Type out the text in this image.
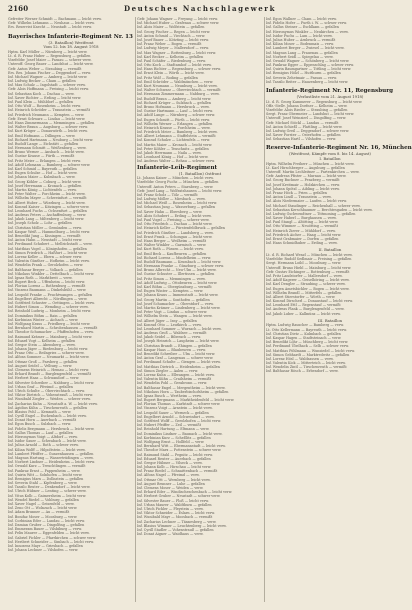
2160	Deutsches Nachschlagewerk
Gefreiter Werner Schmidt — Bachmann — leicht verw.
Gefr. Wilhelm Lehmann — Neuhaus — leicht verw.
Ers. Reservist Knecht — Neustadt — leicht verw.
Bayerisches Infanterie-Regiment Nr. 13
(3. Bataillon) Westfront
Vom 12. bis 18. August 1918
Hptm. Karl Müller — Nürnberg — leicht verw.
Lt. d. R. Franz Huber — Regensburg — gefallen
Vizefeldw. Josef Maier — Passau — schwer verw.
Unteroff. Georg Bauer — Landshut — leicht verw.
Gefr. Anton Weber — Straubing — vermißt
Ers. Res. Johann Fischer — Deggendorf — verw.
Inf. Michael Wagner — Amberg — leicht verw.
Inf. Ludwig Becker — Cham — gefallen
Inf. Max Schulz — Ingolstadt — schwer verw.
Gefr. Alois Hoffmann — Freising — leicht verw.
Inf. Sebastian Koch — Dachau — verw.
Inf. Xaver Richter — Erding — leicht verw.
Inf. Paul Klein — Mühldorf — gefallen
Inf. Otto Wolf — Rosenheim — leicht verw.
Inf. Heinrich Schröder — Traunstein — vermißt
Inf. Friedrich Neumann — Kempten — verw.
Gefr. Ernst Schwarz — Lindau — leicht verw.
Inf. Hans Zimmermann — Memmingen — gefallen
Inf. Walter Braun — Augsburg — schwer verw.
Inf. Kurt Krüger — Donauwörth — leicht verw.
Inf. Emil Hofmann — Dillingen — verw.
Inf. Richard Hartmann — Neuburg — leicht verw.
Inf. Rudolf Lange — Eichstätt — gefallen
Inf. Hermann Schmitt — Weißenburg — verw.
Inf. Bruno Werner — Ansbach — leicht verw.
Inf. Gustav Krause — Fürth — vermißt
Inf. Fritz Meier — Erlangen — leicht verw.
Inf. Adolf Lehmann — Bamberg — schwer verw.
Inf. Karl Schmid — Bayreuth — gefallen
Inf. Eugen Schulze — Hof — leicht verw.
Inf. Johann Maier — Kulmbach — verw.
Inf. Georg Köhler — Coburg — leicht verw.
Inf. Josef Herrmann — Kronach — gefallen
Inf. Martin König — Lichtenfels — verw.
Inf. Peter Walter — Forchheim — leicht verw.
Inf. Wilhelm Mayer — Schweinfurt — vermißt
Inf. Albert Huber — Würzburg — leicht verw.
Inf. Konrad Kaiser — Kitzingen — schwer verw.
Inf. Leonhard Fuchs — Ochsenfurt — gefallen
Inf. Andreas Peters — Aschaffenburg — verw.
Inf. Jakob Lang — Miltenberg — leicht verw.
Inf. Joseph Scholz — Lohr — gefallen
Inf. Christian Möller — Gemünden — verw.
Inf. Kaspar Weiß — Hammelburg — leicht verw.
Inf. Benedikt Jung — Kissingen — vermißt
Inf. Anton Hahn — Neustadt — leicht verw.
Inf. Ferdinand Schubert — Mellrichstadt — verw.
Inf. Matthias Vogel — Königshofen — gefallen
Inf. Simon Friedrich — Haßfurt — leicht verw.
Inf. Lorenz Keller — Ebern — schwer verw.
Inf. Valentin Günther — Hofheim — leicht verw.
Inf. Wendelin Frank — Gerolzhofen — verw.
Inf. Balthasar Berger — Volkach — gefallen
Inf. Nikolaus Winkler — Dettelbach — leicht verw.
Inf. Ignaz Roth — Marktbreit — verw.
Inf. Rupert Beck — Uffenheim — leicht verw.
Inf. Florian Lorenz — Rothenburg — vermißt
Inf. Vinzenz Baumann — Dinkelsbühl — verw.
Inf. Leopold Franke — Feuchtwangen — gefallen
Inf. Engelbert Albrecht — Nördlingen — verw.
Inf. Gottfried Schuster — Oettingen — leicht verw.
Inf. Hubert Simon — Wemding — schwer verw.
Inf. Reinhold Ludwig — Monheim — leicht verw.
Inf. Dominikus Böhm — Rain — gefallen
Inf. Korbinian Winter — Aichach — verw.
Inf. Wolfgang Kraus — Friedberg — leicht verw.
Inf. Bernhard Martin — Schrobenhausen — vermißt
Inf. Theodor Schumacher — Pfaffenhofen — verw.
Inf. Raimund Krämer — Mainburg — leicht verw.
Inf. Eduard Vogt — Kelheim — gefallen
Inf. Gregor Stein — Abensberg — verw.
Inf. Johann Jäger — Riedenburg — leicht verw.
Inf. Franz Otto — Beilngries — schwer verw.
Inf. Alfons Sommer — Neumarkt — leicht verw.
Inf. Ottmar Groß — Parsberg — gefallen
Inf. August Seidel — Velburg — verw.
Inf. Clemens Heinrich — Hemau — leicht verw.
Inf. Erhard Brandt — Burglengenfeld — vermißt
Inf. Herbert Haas — Schwandorf — verw.
Inf. Silvester Schreiber — Nabburg — leicht verw.
Inf. Urban Graf — Pfreimd — gefallen
Inf. Ulrich Schulte — Oberviechtach — verw.
Inf. Viktor Dietrich — Vohenstrauß — leicht verw.
Inf. Wunibald Ziegler — Weiden — schwer verw.
Inf. Zacharias Kuhn — Neustadt a. W. — leicht verw.
Inf. Ägidius Kühn — Tirschenreuth — gefallen
Inf. Blasius Pohl — Kemnath — verw.
Inf. Cyrill Engel — Eschenbach — leicht verw.
Inf. Donat Horn — Auerbach — vermißt
Inf. Egon Busch — Sulzbach — verw.
Inf. Fidelis Bergmann — Hersbruck — leicht verw.
Inf. Gallus Thomas — Lauf — gefallen
Inf. Hieronymus Voigt — Altdorf — verw.
Inf. Isidor Sauer — Schwabach — leicht verw.
Inf. Julius Arnold — Roth — schwer verw.
Inf. Kilian Wolff — Hilpoltstein — leicht verw.
Inf. Lambert Pfeiffer — Gunzenhausen — gefallen
Inf. Magnus Hartung — Wassertrüdingen — verw.
Inf. Norbert Lindner — Heidenheim — leicht verw.
Inf. Oswald Kurz — Treuchtlingen — vermißt
Inf. Pankraz Ernst — Pappenheim — verw.
Inf. Quirin Witt — Solnhofen — leicht verw.
Inf. Remigius Marx — Dollnstein — gefallen
Inf. Severin Stahl — Kipfenberg — verw.
Inf. Tassilo Reuter — Denkendorf — leicht verw.
Inf. Ulrich Hübner — Lenting — schwer verw.
Inf. Vitus Kolb — Gaimersheim — leicht verw.
Inf. Wendel Riedel — Vohburg — gefallen
Inf. Xaver Nagel — Geisenfeld — verw.
Inf. Zeno Ott — Wolnzach — leicht verw.
Inf. Adam Brunner — Au — vermißt
Inf. Bonifaz Moser — Moosburg — verw.
Inf. Corbinian Eder — Landau — leicht verw.
Inf. Damian Gruber — Dingolfing — gefallen
Inf. Emmeram Bauer — Vilsbiburg — verw.
Inf. Felix Maurer — Eggenfelden — leicht verw.
Inf. Gabriel Pichler — Pfarrkirchen — schwer verw.
Inf. Heribert Schneider — Simbach — leicht verw.
Inf. Innozenz Mayr — Griesbach — gefallen
Inf. Johann Lechner — Vilshofen — verw.
Gefr. Johann Wagner — Freyung — leicht verw.
Inf. Michael Huber — Grafenau — schwer verw.
Inf. Alois Maier — Wolfstein — gefallen
Inf. Georg Fischer — Regen — leicht verw.
Inf. Anton Schmid — Viechtach — verw.
Inf. Josef Bauer — Kötzting — leicht verw.
Inf. Franz Weber — Bogen — vermißt
Inf. Ludwig Meyer — Mallersdorf — verw.
Inf. Max Wagner — Rottenburg — leicht verw.
Inf. Karl Becker — Kelheim — gefallen
Inf. Paul Schäfer — Riedenburg — verw.
Inf. Otto Koch — Stadtamhof — leicht verw.
Inf. Hans Richter — Regensburg — schwer verw.
Inf. Ernst Klein — Wörth — leicht verw.
Inf. Fritz Wolf — Roding — gefallen
Inf. Emil Schröder — Waldmünchen — verw.
Inf. Kurt Neumann — Neunburg — leicht verw.
Inf. Walter Schwarz — Oberviechtach — vermißt
Inf. Hermann Zimmermann — Nabburg — verw.
Inf. Rudolf Braun — Amberg — leicht verw.
Inf. Richard Krüger — Sulzbach — gefallen
Inf. Bruno Hofmann — Hersbruck — verw.
Inf. Gustav Hartmann — Lauf — leicht verw.
Inf. Adolf Lange — Nürnberg — schwer verw.
Inf. Eugen Schmitt — Fürth — leicht verw.
Inf. Wilhelm Werner — Erlangen — gefallen
Inf. Heinrich Krause — Forchheim — verw.
Inf. Friedrich Meier — Bamberg — leicht verw.
Inf. Albert Lehmann — Staffelstein — vermißt
Inf. Konrad Schulze — Lichtenfels — verw.
Inf. Martin Maier — Kronach — leicht verw.
Inf. Peter Köhler — Teuschnitz — gefallen
Inf. Jakob Herrmann — Naila — verw.
Inf. Leonhard König — Hof — leicht verw.
Inf. Andreas Walter — Rehau — schwer verw.
Infanterie-Leib-Regiment
(1. Bataillon) Ostfront
Lt. Johann Kaiser — München — leicht verw.
Vizefeldw. Georg Fuchs — München — gefallen
Unteroff. Anton Peters — Starnberg — verw.
Gefr. Josef Lang — Wolfratshausen — leicht verw.
Inf. Franz Scholz — Tölz — vermißt
Inf. Ludwig Möller — Miesbach — verw.
Inf. Michael Weiß — Rosenheim — leicht verw.
Inf. Sebastian Jung — Wasserburg — gefallen
Inf. Xaver Hahn — Ebersberg — verw.
Inf. Alois Schubert — Erding — leicht verw.
Inf. Paul Vogel — Freising — schwer verw.
Inf. Otto Friedrich — Dachau — leicht verw.
Inf. Heinrich Keller — Fürstenfeldbruck — gefallen
Inf. Friedrich Günther — Landsberg — verw.
Inf. Ernst Frank — Schongau — leicht verw.
Inf. Hans Berger — Weilheim — vermißt
Inf. Walter Winkler — Garmisch — verw.
Inf. Kurt Roth — Füssen — leicht verw.
Inf. Emil Beck — Kaufbeuren — gefallen
Inf. Richard Lorenz — Mindelheim — verw.
Inf. Rudolf Baumann — Krumbach — leicht verw.
Inf. Hermann Franke — Günzburg — schwer verw.
Inf. Bruno Albrecht — Neu-Ulm — leicht verw.
Inf. Gustav Schuster — Illertissen — gefallen
Inf. Fritz Simon — Memmingen — verw.
Inf. Adolf Ludwig — Ottobeuren — leicht verw.
Inf. Karl Böhm — Obergünzburg — vermißt
Inf. Eugen Winter — Kempten — verw.
Inf. Johann Kraus — Immenstadt — leicht verw.
Inf. Georg Martin — Sonthofen — gefallen
Inf. Josef Schumacher — Oberstdorf — verw.
Inf. Martin Krämer — Lindenberg — leicht verw.
Inf. Peter Vogt — Lindau — schwer verw.
Inf. Wilhelm Stein — Wangen — leicht verw.
Inf. Albert Jäger — Isny — gefallen
Inf. Konrad Otto — Leutkirch — verw.
Inf. Leonhard Sommer — Wurzach — leicht verw.
Inf. Andreas Groß — Waldsee — vermißt
Inf. Jakob Seidel — Biberach — verw.
Inf. Joseph Heinrich — Laupheim — leicht verw.
Inf. Christian Brandt — Ehingen — gefallen
Inf. Kaspar Haas — Blaubeuren — verw.
Inf. Benedikt Schreiber — Ulm — leicht verw.
Inf. Anton Graf — Langenau — schwer verw.
Inf. Ferdinand Schulte — Giengen — leicht verw.
Inf. Matthias Dietrich — Heidenheim — gefallen
Inf. Simon Ziegler — Aalen — verw.
Inf. Lorenz Kuhn — Ellwangen — leicht verw.
Inf. Valentin Kühn — Crailsheim — vermißt
Inf. Wendelin Pohl — Gerabronn — verw.
Inf. Balthasar Engel — Mergentheim — leicht verw.
Inf. Nikolaus Horn — Tauberbischofsheim — gefallen
Inf. Ignaz Busch — Wertheim — verw.
Inf. Rupert Bergmann — Marktheidenfeld — leicht verw.
Inf. Florian Thomas — Karlstadt — schwer verw.
Inf. Vinzenz Voigt — Arnstein — leicht verw.
Inf. Leopold Sauer — Werneck — gefallen
Inf. Engelbert Arnold — Schweinfurt — verw.
Inf. Gottfried Wolff — Gerolzhofen — leicht verw.
Inf. Hubert Pfeiffer — Zeil — vermißt
Inf. Reinhold Hartung — Eltmann — verw.
Inf. Dominikus Lindner — Baunach — leicht verw.
Inf. Korbinian Kurz — Scheßlitz — gefallen
Inf. Wolfgang Ernst — Hollfeld — verw.
Inf. Bernhard Witt — Ebermannstadt — leicht verw.
Inf. Theodor Marx — Pottenstein — schwer verw.
Inf. Raimund Stahl — Pegnitz — leicht verw.
Inf. Eduard Reuter — Auerbach — gefallen
Inf. Gregor Hübner — Vilseck — verw.
Inf. Johann Kolb — Hirschau — leicht verw.
Inf. Franz Riedel — Schnaittenbach — vermißt
Inf. Alfons Nagel — Pfreimd — verw.
Inf. Ottmar Ott — Wernberg — leicht verw.
Inf. August Brunner — Luhe — gefallen
Inf. Clemens Moser — Weiden — verw.
Inf. Erhard Eder — Windischeschenbach — leicht verw.
Inf. Herbert Gruber — Neustadt — schwer verw.
Inf. Silvester Bauer — Floß — leicht verw.
Inf. Urban Maurer — Waldthurn — gefallen
Inf. Ulrich Pichler — Pleystein — verw.
Inf. Viktor Schneider — Eslarn — leicht verw.
Inf. Wunibald Mayr — Moosbach — vermißt
Inf. Zacharias Lechner — Tännesberg — verw.
Inf. Blasius Wimmer — Leuchtenberg — leicht verw.
Inf. Cyrill Stadler — Vohenstrauß — gefallen
Inf. Donat Aigner — Waidhaus — verw.
Inf. Egon Wallner — Cham — leicht verw.
Inf. Fidelis Hofer — Furth i. W. — schwer verw.
Inf. Gallus Steiner — Eschlkam — gefallen
Inf. Hieronymus Winkler — Neukirchen — verw.
Inf. Isidor Fuchs — Lam — leicht verw.
Inf. Julius Huber — Arnbruck — vermißt
Inf. Kilian Moser — Bodenmais — verw.
Inf. Lambert Berger — Zwiesel — leicht verw.
Inf. Magnus Lang — Frauenau — gefallen
Inf. Norbert Seidl — Spiegelau — verw.
Inf. Oswald Wagner — Schönberg — leicht verw.
Inf. Pankraz Egger — Eppenschlag — schwer verw.
Inf. Quirin Baumgartner — Tittling — leicht verw.
Inf. Remigius Hölzl — Hutthurm — gefallen
Inf. Severin Zehetmair — Passau — verw.
Inf. Tassilo Reiter — Hauzenberg — leicht verw.
Infanterie-Regiment Nr. 11, Regensburg
(Verlustliste vom 21. August 1918)
Lt. d. R. Georg Kammerer — Regensburg — leicht verw.
Offz.-Stellv. Johann Dorfner — Kelheim — verw.
Vizefeldw. Alois Rieder — Straubing — gefallen
Sergt. Franz Obermeier — Landshut — leicht verw.
Unteroff. Josef Weinzierl — Dingolfing — verw.
Gefr. Michael Stöckl — Landau — vermißt
Inf. Anton Schießl — Plattling — leicht verw.
Inf. Ludwig Greil — Deggendorf — schwer verw.
Inf. Xaver Forster — Osterhofen — gefallen
Inf. Sebastian Hartl — Vilshofen — verw.
Reserve-Infanterie-Regiment Nr. 16, München
(Westfront, Kämpfe vom 8. bis 14. August)
I. Bataillon
Hptm. Wilhelm Freiherr — München — leicht verw.
Lt. Karl Hirschberger — Augsburg — gefallen
Unteroff. Martin Lechleitner — Partenkirchen — verw.
Gefr. Andreas Pfister — Murnau — leicht verw.
Inf. Georg Buchner — Penzberg — vermißt
Inf. Josef Kreitmair — Holzkirchen — verw.
Inf. Johann Spötzl — Aibling — leicht verw.
Inf. Franz Höck — Prien — gefallen
Inf. Anton Lindl — Traunstein — verw.
Inf. Alois Niedermaier — Laufen — leicht verw.
Inf. Michael Staudinger — Reichenhall — schwer verw.
Inf. Sebastian Kerschbaumer — Berchtesgaden — leicht verw.
Inf. Ludwig Gschwendtner — Tittmoning — gefallen
Inf. Xaver Haberl — Burghausen — verw.
Inf. Paul Stangl — Altötting — leicht verw.
Inf. Otto Wimmer — Neuötting — vermißt
Inf. Heinrich Zierer — Mühldorf — verw.
Inf. Friedrich Aicher — Haag — leicht verw.
Inf. Ernst Grabmaier — Dorfen — gefallen
Inf. Hans Schmidhuber — Erding — verw.
II. Bataillon
Lt. d. R. Richard Wenzl — München — leicht verw.
Vizefeldw. Rudolf Sedlmair — Freising — gefallen
Sergt. Hermann Loibl — Moosburg — verw.
Unteroff. Bruno Hiebl — Mainburg — leicht verw.
Gefr. Gustav Eichinger — Rottenburg — vermißt
Inf. Fritz Landstorfer — Mallersdorf — verw.
Inf. Adolf Kagerer — Geiselhöring — leicht verw.
Inf. Karl Dengler — Straubing — schwer verw.
Inf. Eugen Ametsbichler — Bogen — leicht verw.
Inf. Wilhelm Brandl — Mitterfels — gefallen
Inf. Albert Stierstorfer — Wörth — verw.
Inf. Konrad Dirscherl — Donaustauf — leicht verw.
Inf. Leonhard Ettl — Regenstauf — vermißt
Inf. Andreas Plank — Burglengenfeld — verw.
Inf. Jakob Luber — Kallmünz — leicht verw.
III. Bataillon
Hptm. Ludwig Rauscher — Bamberg — verw.
Lt. Otto Kellermann — Bayreuth — leicht verw.
Inf. Christian Dietz — Kulmbach — gefallen
Inf. Kaspar Hagen — Stadtsteinach — verw.
Inf. Benedikt Löhr — Münchberg — leicht verw.
Inf. Ferdinand Übelhack — Selb — schwer verw.
Inf. Matthias Pöhlmann — Wunsiedel — leicht verw.
Inf. Simon Gebhardt — Marktredwitz — gefallen
Inf. Lorenz Hösl — Waldsassen — verw.
Inf. Valentin Kick — Mitterteich — leicht verw.
Inf. Wendelin Zintl — Tirschenreuth — vermißt
Inf. Balthasar Rösch — Erbendorf — verw.
